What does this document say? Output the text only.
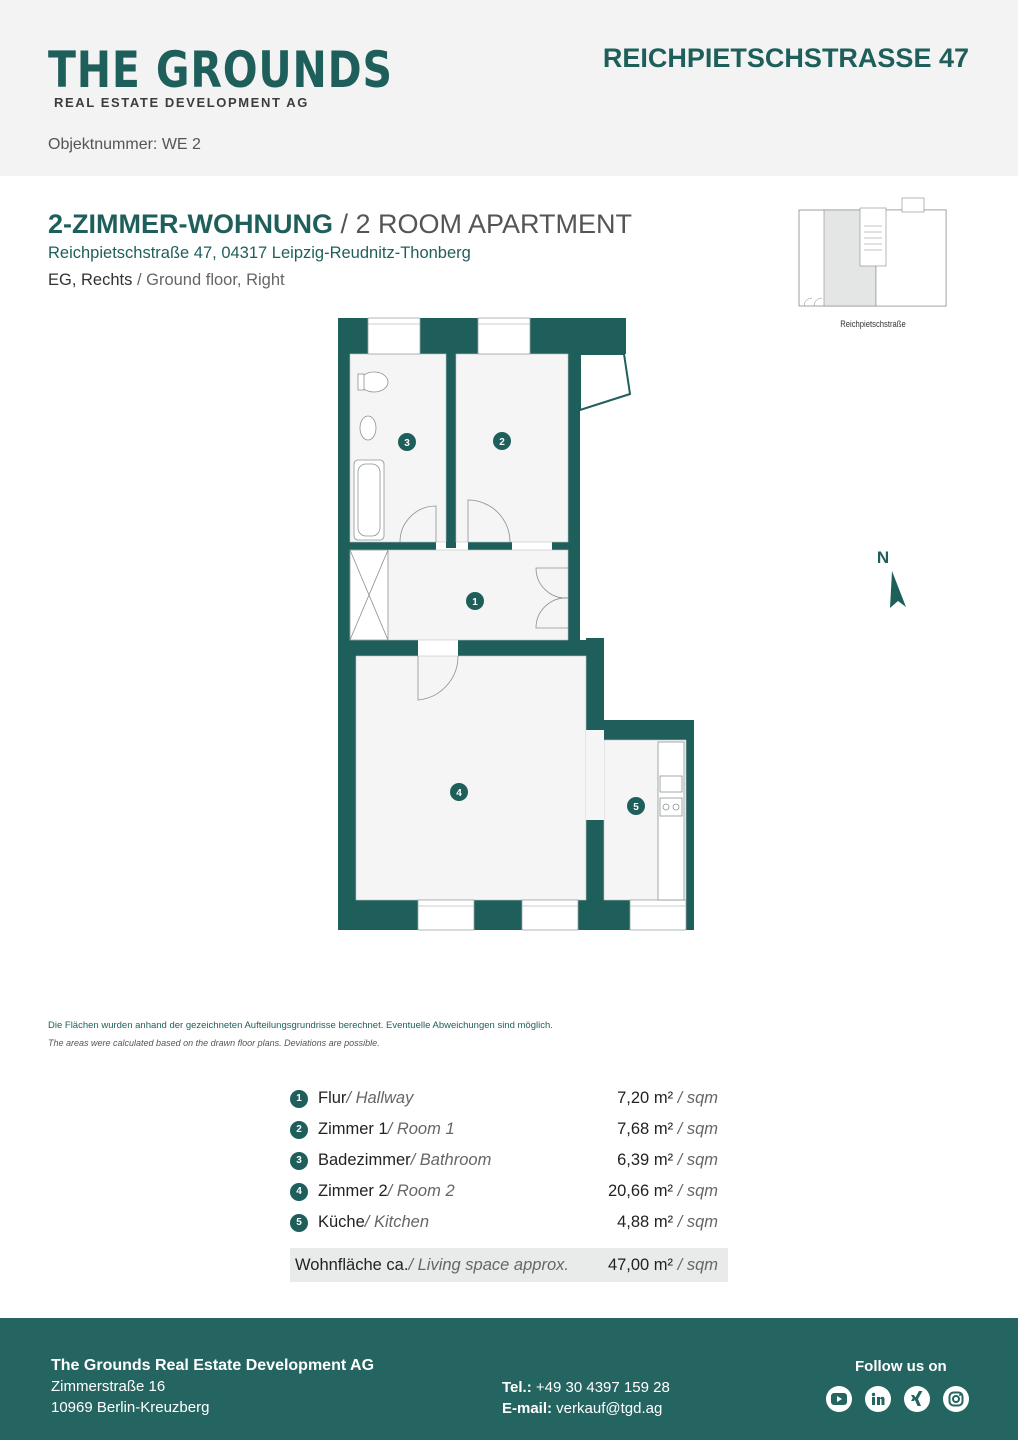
THE GROUNDS
REAL ESTATE DEVELOPMENT AG
REICHPIETSCHSTRASSE 47
Objektnummer: WE 2
2-ZIMMER-WOHNUNG / 2 ROOM APARTMENT
Reichpietschstraße 47, 04317 Leipzig-Reudnitz-Thonberg
EG, Rechts / Ground floor, Right
Reichpietschstraße
1
2
3
4
5
N
Die Flächen wurden anhand der gezeichneten Aufteilungsgrundrisse berechnet. Eventuelle Abweichungen sind möglich.
The areas were calculated based on the drawn floor plans. Deviations are possible.
1 Flur / Hallway	7,20 m² / sqm
2 Zimmer 1 / Room 1	7,68 m² / sqm
3 Badezimmer / Bathroom	6,39 m² / sqm
4 Zimmer 2 / Room 2	20,66 m² / sqm
5 Küche / Kitchen	4,88 m² / sqm
Wohnfläche ca. / Living space approx. 47,00 m² / sqm
The Grounds Real Estate Development AG
Zimmerstraße 16
10969 Berlin-Kreuzberg
Tel.: +49 30 4397 159 28
E-mail: verkauf@tgd.ag
Follow us on
